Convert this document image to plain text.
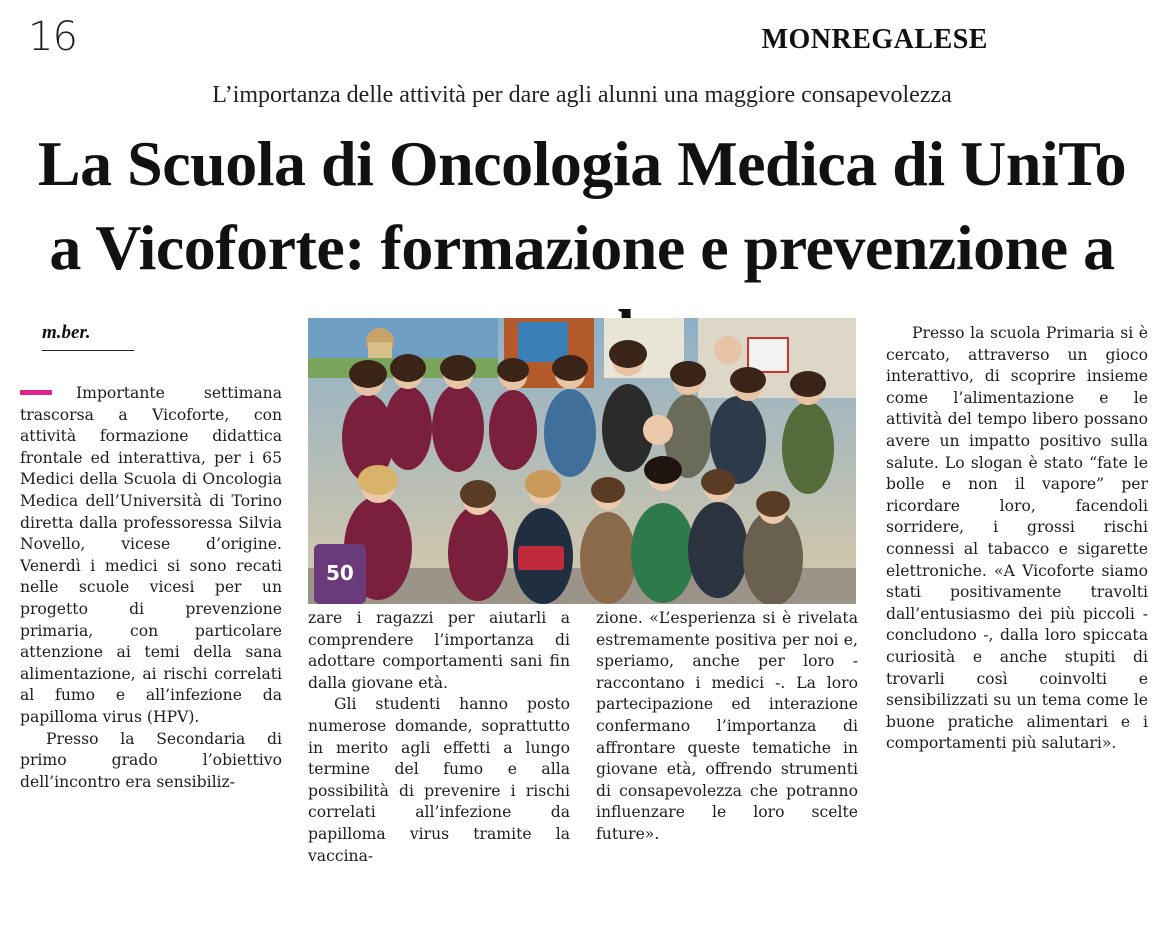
16	MONREGALESE
L’importanza delle attività per dare agli alunni una maggiore consapevolezza
La Scuola di Oncologia Medica di UniTo
a Vicoforte: formazione e prevenzione a
m.ber.

Importante settimana trascorsa a Vicoforte, con attività formazione didattica frontale ed interattiva, per i 65 Medici della Scuola di Oncologia Medica dell’Università di Torino diretta dalla professoressa Silvia Novello, vicese d’origine. Venerdì i medici si sono recati nelle scuole vicesi per un progetto di prevenzione primaria, con particolare attenzione ai temi della sana alimentazione, ai rischi correlati al fumo e all’infezione da papilloma virus (HPV).

Presso la Secondaria di primo grado l’obiettivo dell’incontro era sensibiliz-

50

zare i ragazzi per aiutarli a comprendere l’importanza di adottare comportamenti sani fin dalla giovane età.

Gli studenti hanno posto numerose domande, soprattutto in merito agli effetti a lungo termine del fumo e alla possibilità di prevenire i rischi correlati all’infezione da papilloma virus tramite la vaccina-

zione. «L’esperienza si è rivelata estremamente positiva per noi e, speriamo, anche per loro - raccontano i medici -. La loro partecipazione ed interazione confermano l’importanza di affrontare queste tematiche in giovane età, offrendo strumenti di consapevolezza che potranno influenzare le loro scelte future».

Presso la scuola Primaria si è cercato, attraverso un gioco interattivo, di scoprire insieme come l’alimentazione e le attività del tempo libero possano avere un impatto positivo sulla salute. Lo slogan è stato “fate le bolle e non il vapore” per ricordare loro, facendoli sorridere, i grossi rischi connessi al tabacco e sigarette elettroniche. «A Vicoforte siamo stati positivamente travolti dall’entusiasmo dei più piccoli - concludono -, dalla loro spiccata curiosità e anche stupiti di trovarli così coinvolti e sensibilizzati su un tema come le buone pratiche alimentari e i comportamenti più salutari».
